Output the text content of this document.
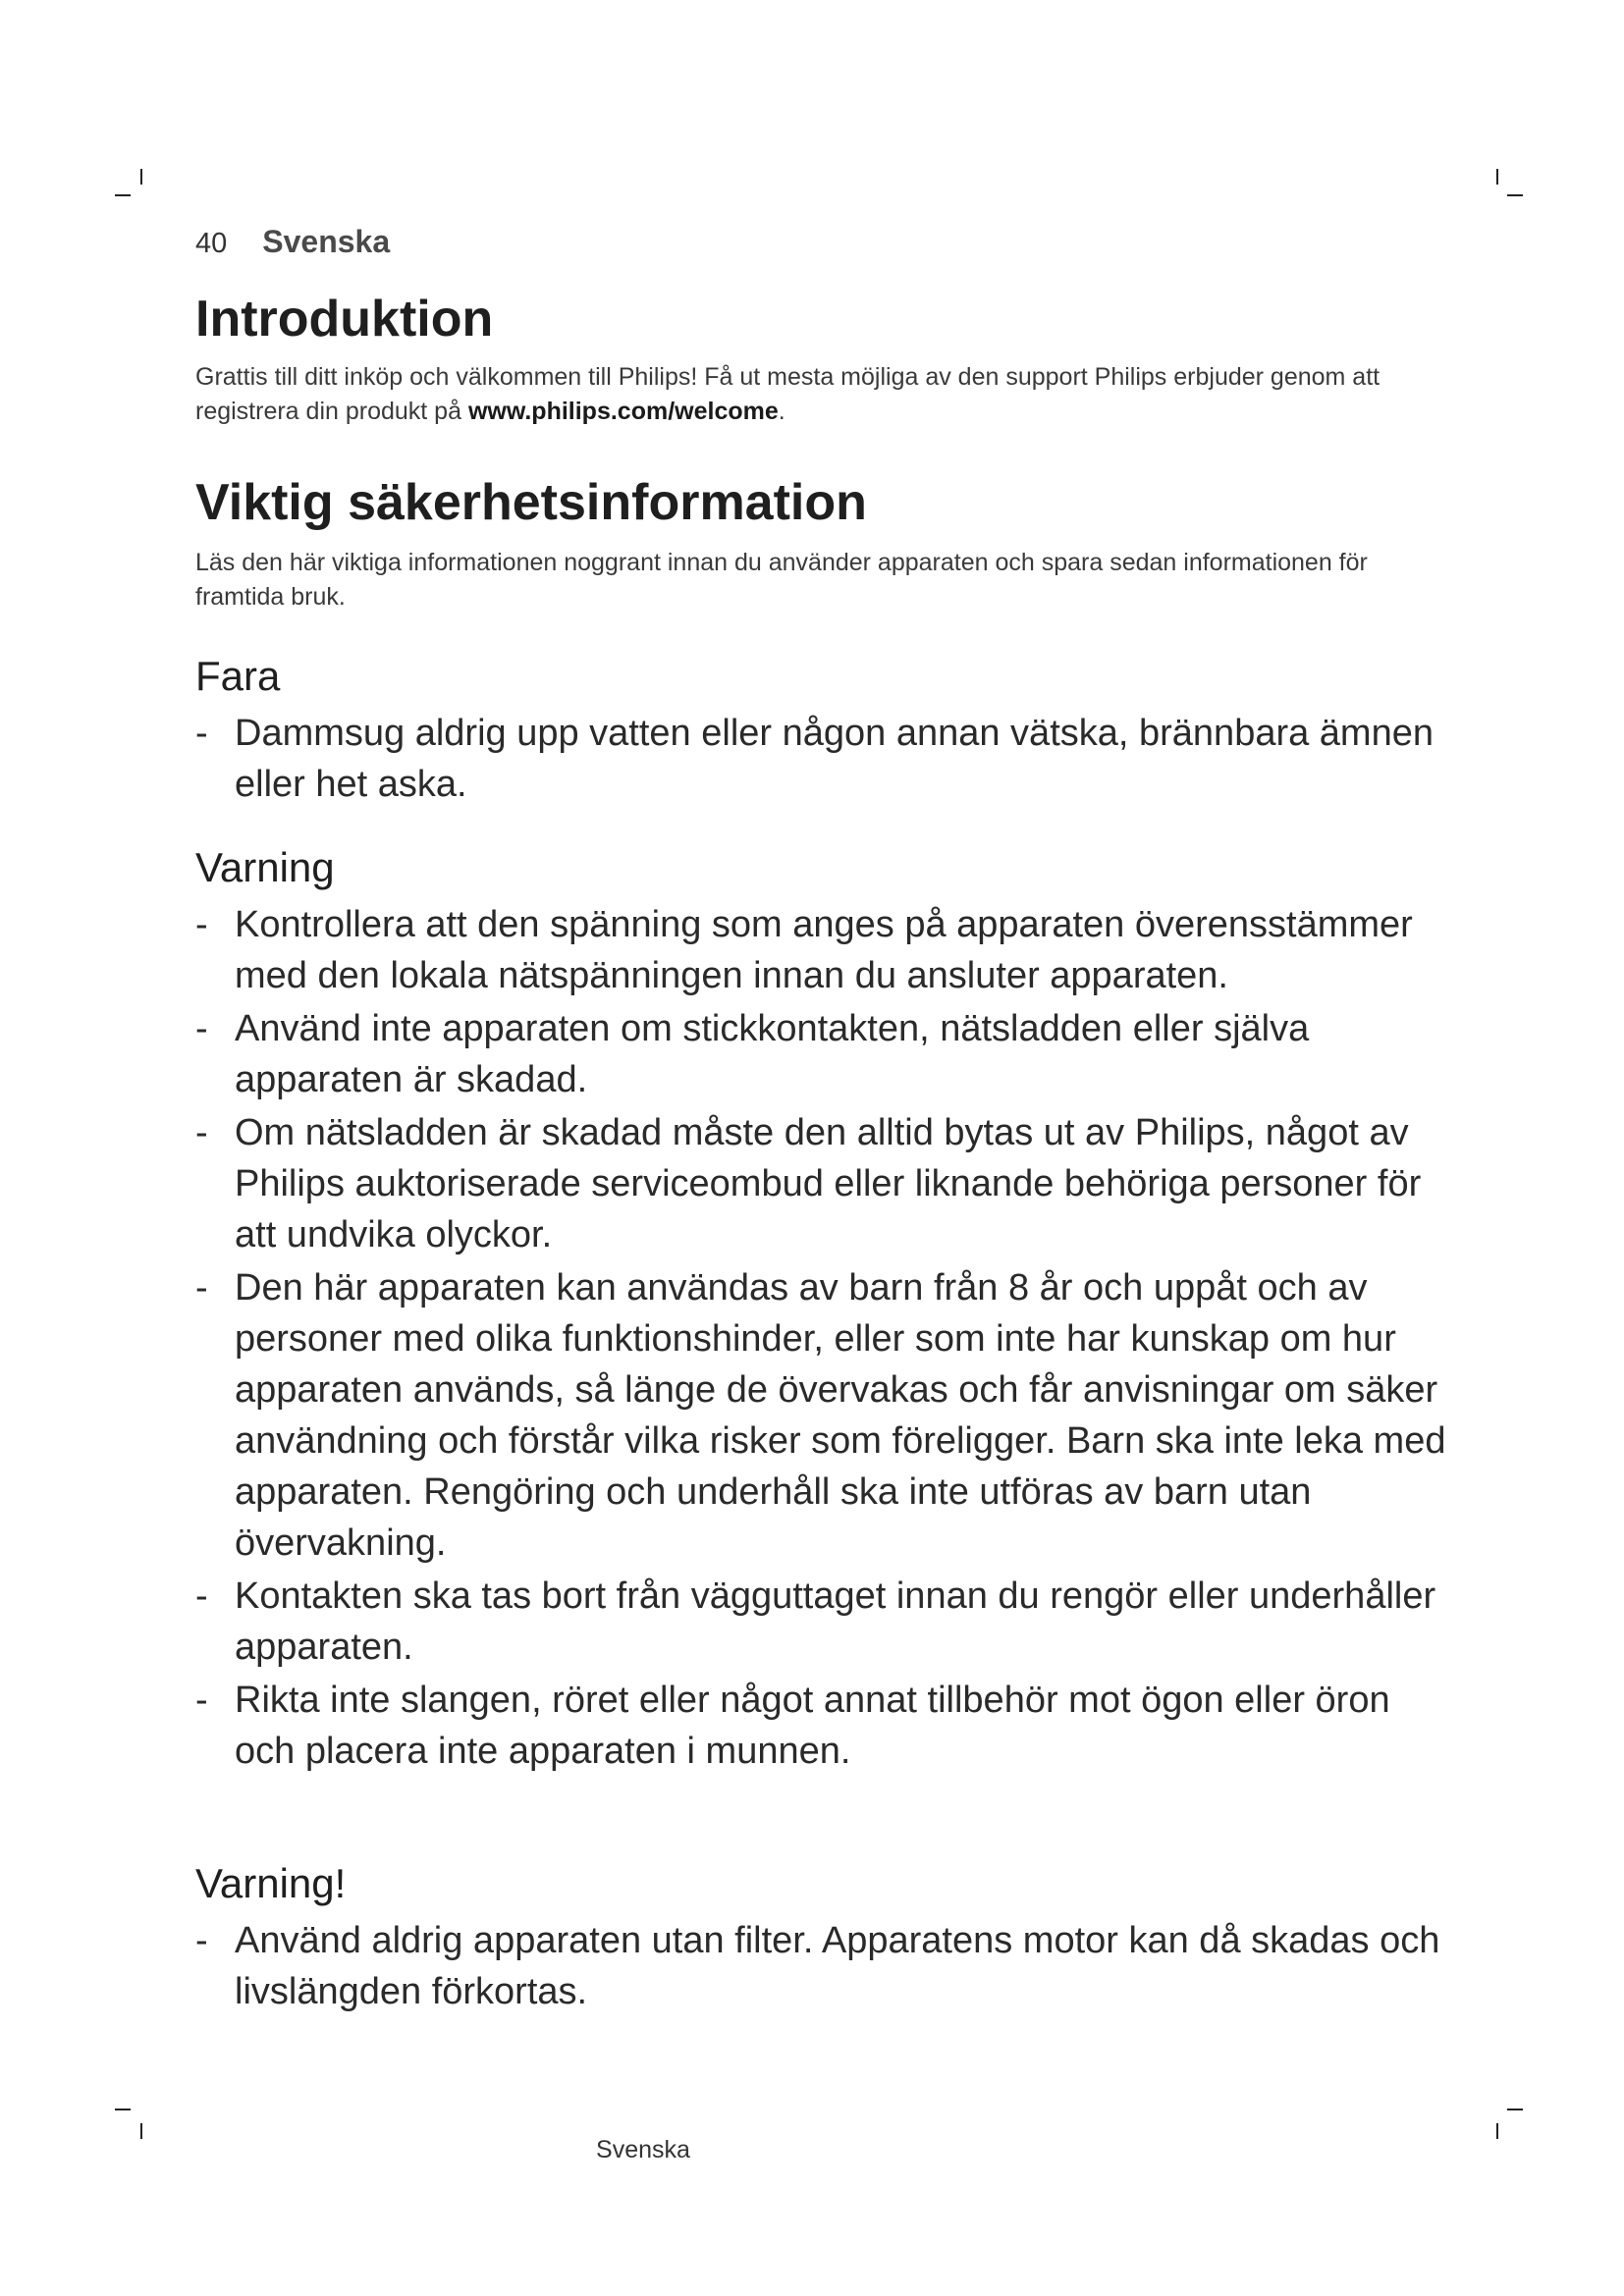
40 Svenska
Introduktion

Grattis till ditt inköp och välkommen till Philips! Få ut mesta möjliga av den support Philips erbjuder genom att registrera din produkt på www.philips.com/welcome.

Viktig säkerhetsinformation

Läs den här viktiga informationen noggrant innan du använder apparaten och spara sedan informationen för framtida bruk.

Fara
- Dammsug aldrig upp vatten eller någon annan vätska, brännbara ämnen eller het aska.
Varning
- Kontrollera att den spänning som anges på apparaten överensstämmer med den lokala nätspänningen innan du ansluter apparaten.
- Använd inte apparaten om stickkontakten, nätsladden eller själva apparaten är skadad.
- Om nätsladden är skadad måste den alltid bytas ut av Philips, något av Philips auktoriserade serviceombud eller liknande behöriga personer för att undvika olyckor.
- Den här apparaten kan användas av barn från 8 år och uppåt och av personer med olika funktionshinder, eller som inte har kunskap om hur apparaten används, så länge de övervakas och får anvisningar om säker användning och förstår vilka risker som föreligger. Barn ska inte leka med apparaten. Rengöring och underhåll ska inte utföras av barn utan övervakning.
- Kontakten ska tas bort från vägguttaget innan du rengör eller underhåller apparaten.
- Rikta inte slangen, röret eller något annat tillbehör mot ögon eller öron och placera inte apparaten i munnen.
Varning!
- Använd aldrig apparaten utan filter. Apparatens motor kan då skadas och livslängden förkortas.
Svenska
